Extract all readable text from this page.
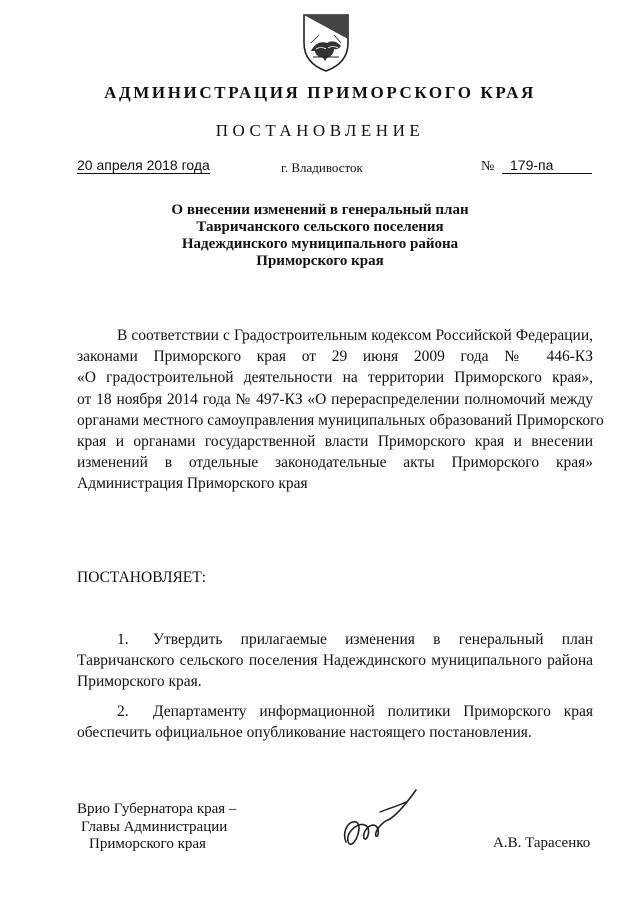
АДМИНИСТРАЦИЯ ПРИМОРСКОГО КРАЯ
ПОСТАНОВЛЕНИЕ
20 апреля 2018 года	г. Владивосток	№	179-па
О внесении изменений в генеральный план
Тавричанского сельского поселения
Надеждинского муниципального района
Приморского края
В соответствии с Градостроительным кодексом Российской Федерации,
законами Приморского края от 29 июня 2009 года № 446-КЗ
«О градостроительной деятельности на территории Приморского края»,
от 18 ноября 2014 года № 497-КЗ «О перераспределении полномочий между
органами местного самоуправления муниципальных образований Приморского
края и органами государственной власти Приморского края и внесении
изменений в отдельные законодательные акты Приморского края»
Администрация Приморского края
ПОСТАНОВЛЯЕТ:
1.	Утвердить прилагаемые изменения в генеральный план
Тавричанского сельского поселения Надеждинского муниципального района
Приморского края.
2.	Департаменту информационной политики Приморского края
обеспечить официальное опубликование настоящего постановления.
Врио Губернатора края –
Главы Администрации
Приморского края	А.В. Тарасенко
